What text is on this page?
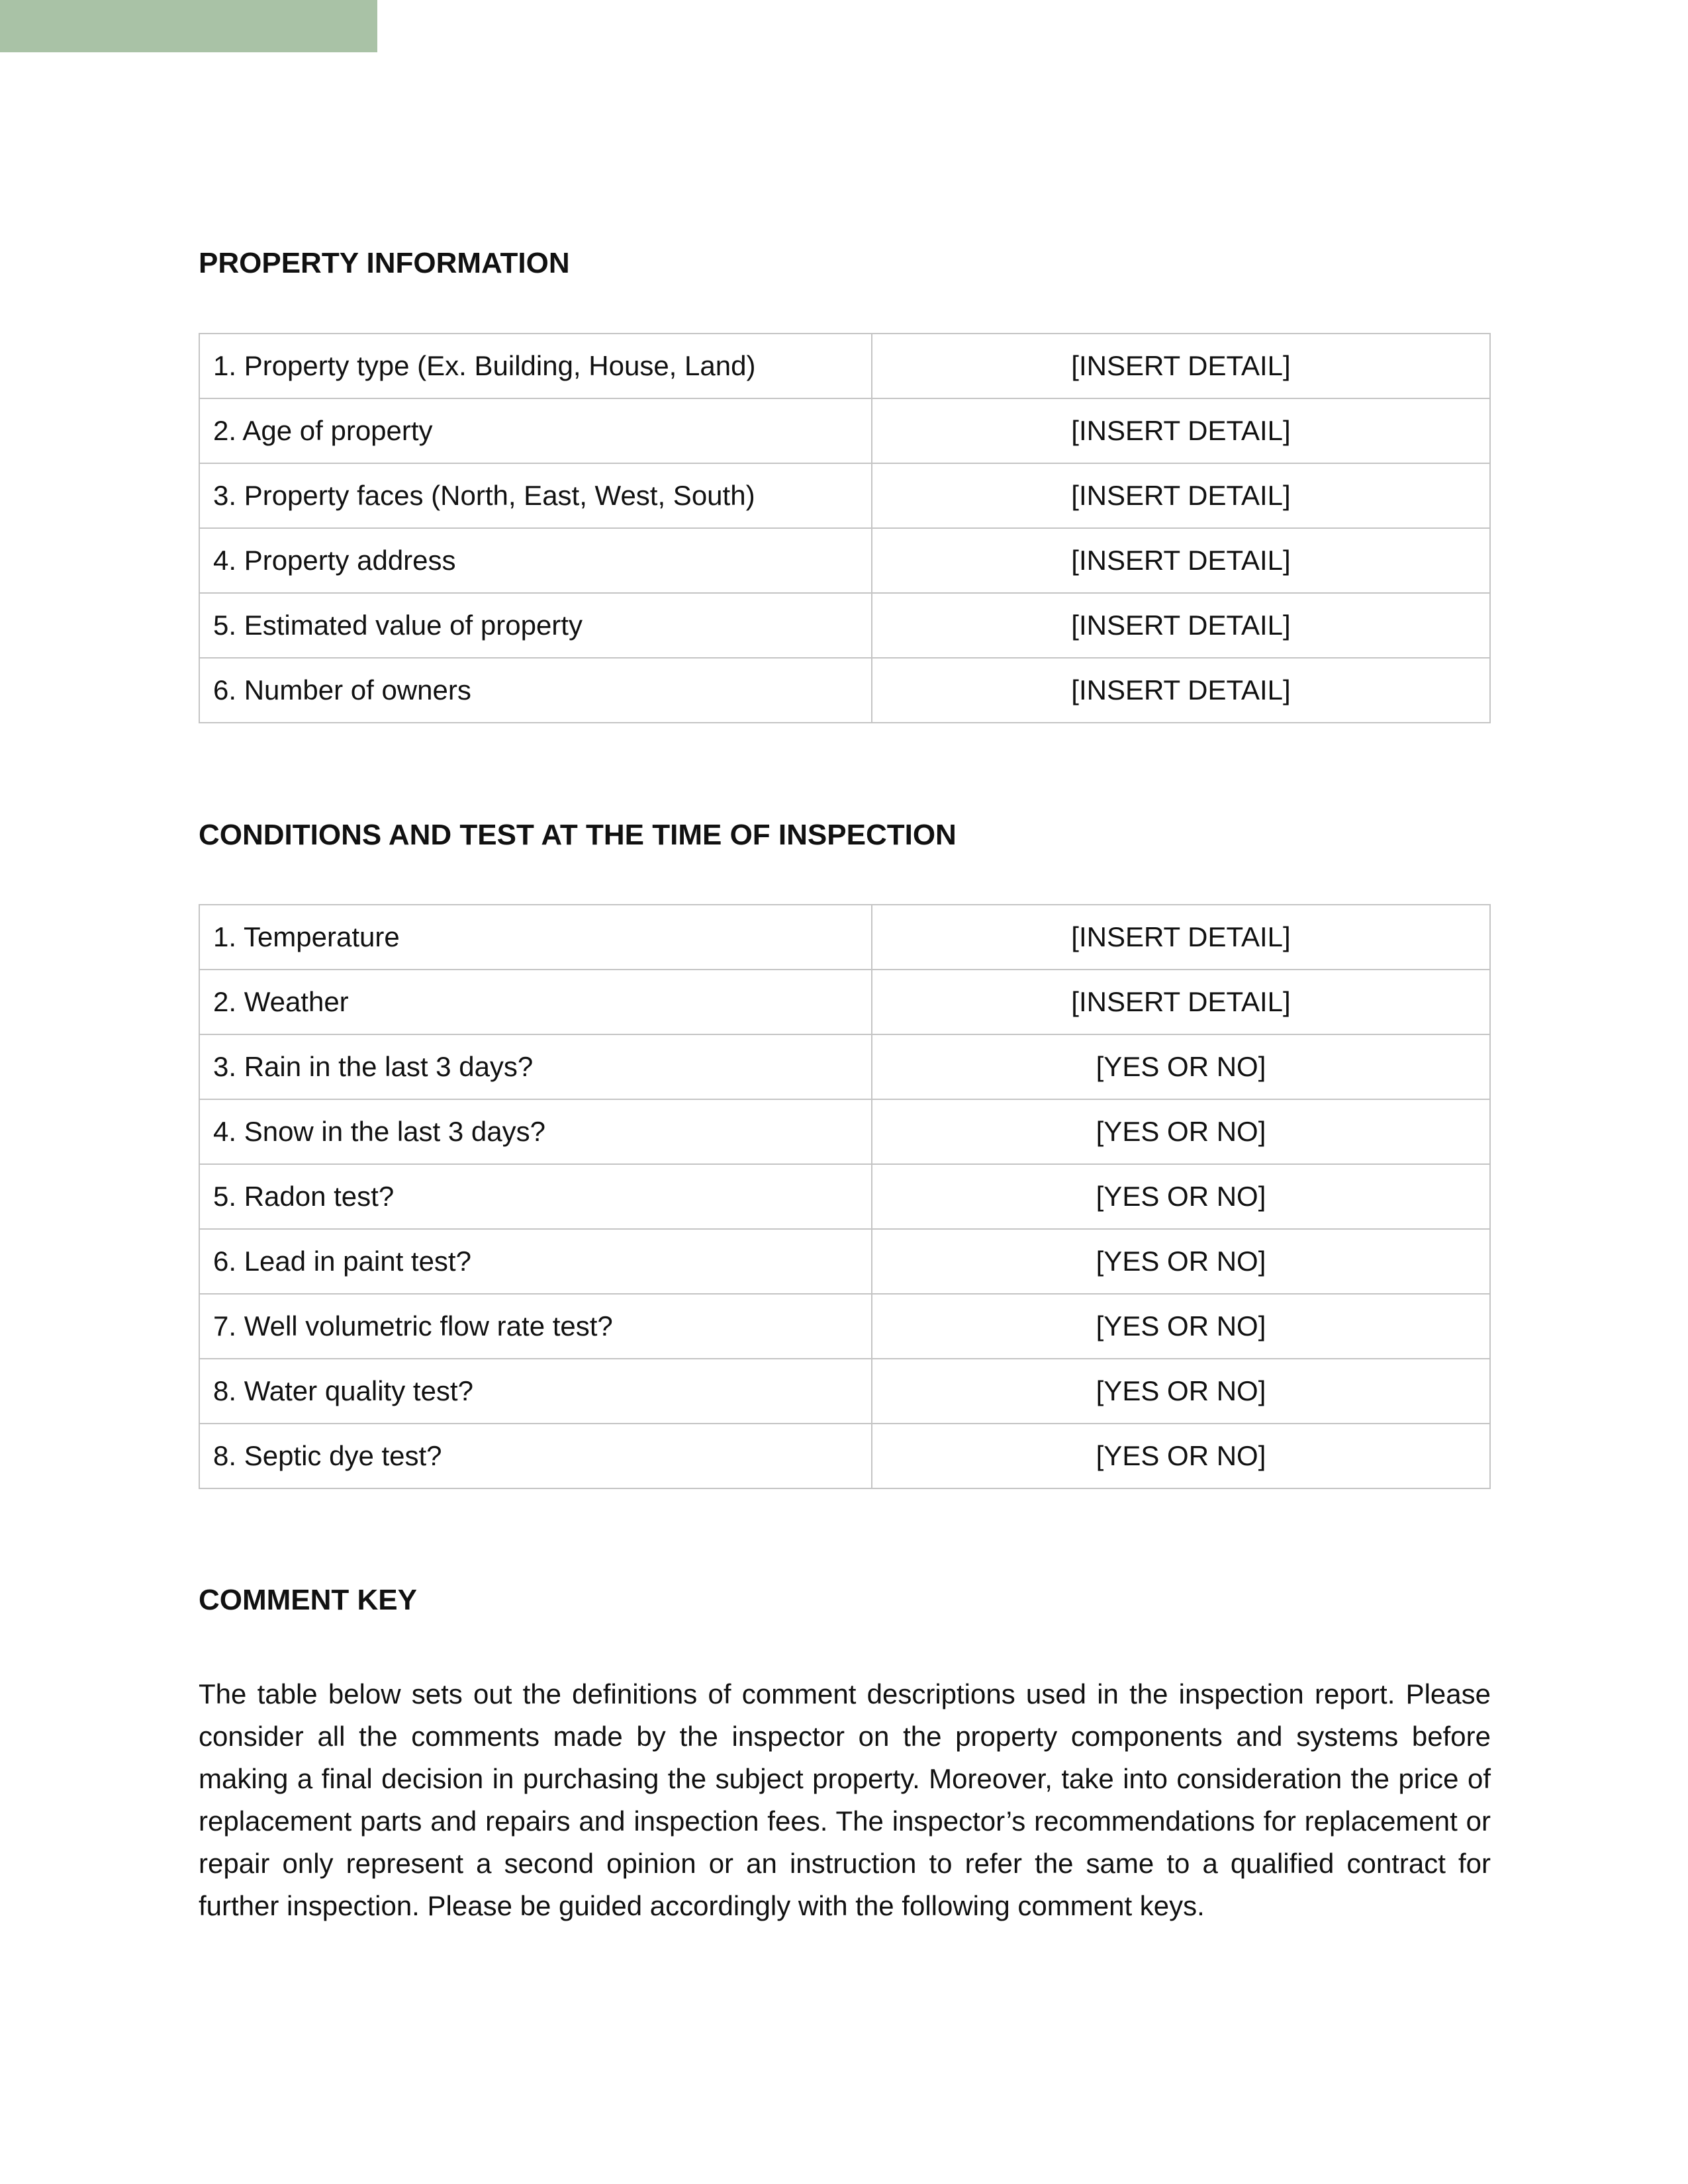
PROPERTY INFORMATION
1. Property type (Ex. Building, House, Land)	[INSERT DETAIL]
2. Age of property	[INSERT DETAIL]
3. Property faces (North, East, West, South)	[INSERT DETAIL]
4. Property address	[INSERT DETAIL]
5. Estimated value of property	[INSERT DETAIL]
6. Number of owners	[INSERT DETAIL]
CONDITIONS AND TEST AT THE TIME OF INSPECTION
1. Temperature	[INSERT DETAIL]
2. Weather	[INSERT DETAIL]
3. Rain in the last 3 days?	[YES OR NO]
4. Snow in the last 3 days?	[YES OR NO]
5. Radon test?	[YES OR NO]
6. Lead in paint test?	[YES OR NO]
7. Well volumetric flow rate test?	[YES OR NO]
8. Water quality test?	[YES OR NO]
8. Septic dye test?	[YES OR NO]
COMMENT KEY

The table below sets out the definitions of comment descriptions used in the inspection report. Please consider all the comments made by the inspector on the property components and systems before making a final decision in purchasing the subject property. Moreover, take into consideration the price of replacement parts and repairs and inspection fees. The inspector’s recommendations for replacement or repair only represent a second opinion or an instruction to refer the same to a qualified contract for further inspection. Please be guided accordingly with the following comment keys.
